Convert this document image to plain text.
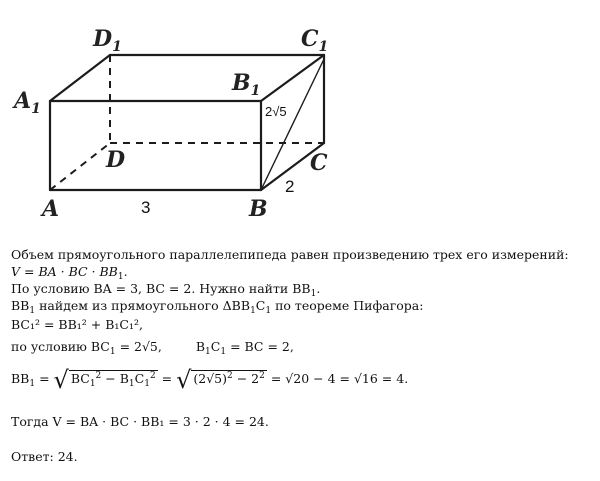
$D_1$	$C_1$
$A_1$
$B_1$
D	C
A	B
3
2
2√5
Объем прямоугольного параллелепипеда равен произведению трех его измерений:
V = BA · BC · $BB_1$.
По условию BA = 3, BC = 2. Нужно найти $BB_1$.
$BB_1$ найдем из прямоугольного $\Delta BB_1C_1$ по теореме Пифагора:
BC₁² = BB₁² + B₁C₁²,
по условию $BC_1 = 2√5$,	$B_1C_1$ = BC = 2,
$BB_1$ = √ $BC_1^2 - B_1C_1^2$ = √ $(2√5)^2 - 2^2 = √20 - 4 = √16 = 4$.
Тогда V = BA · BC · BB₁ = 3 · 2 · 4 = 24.
Ответ: 24.
